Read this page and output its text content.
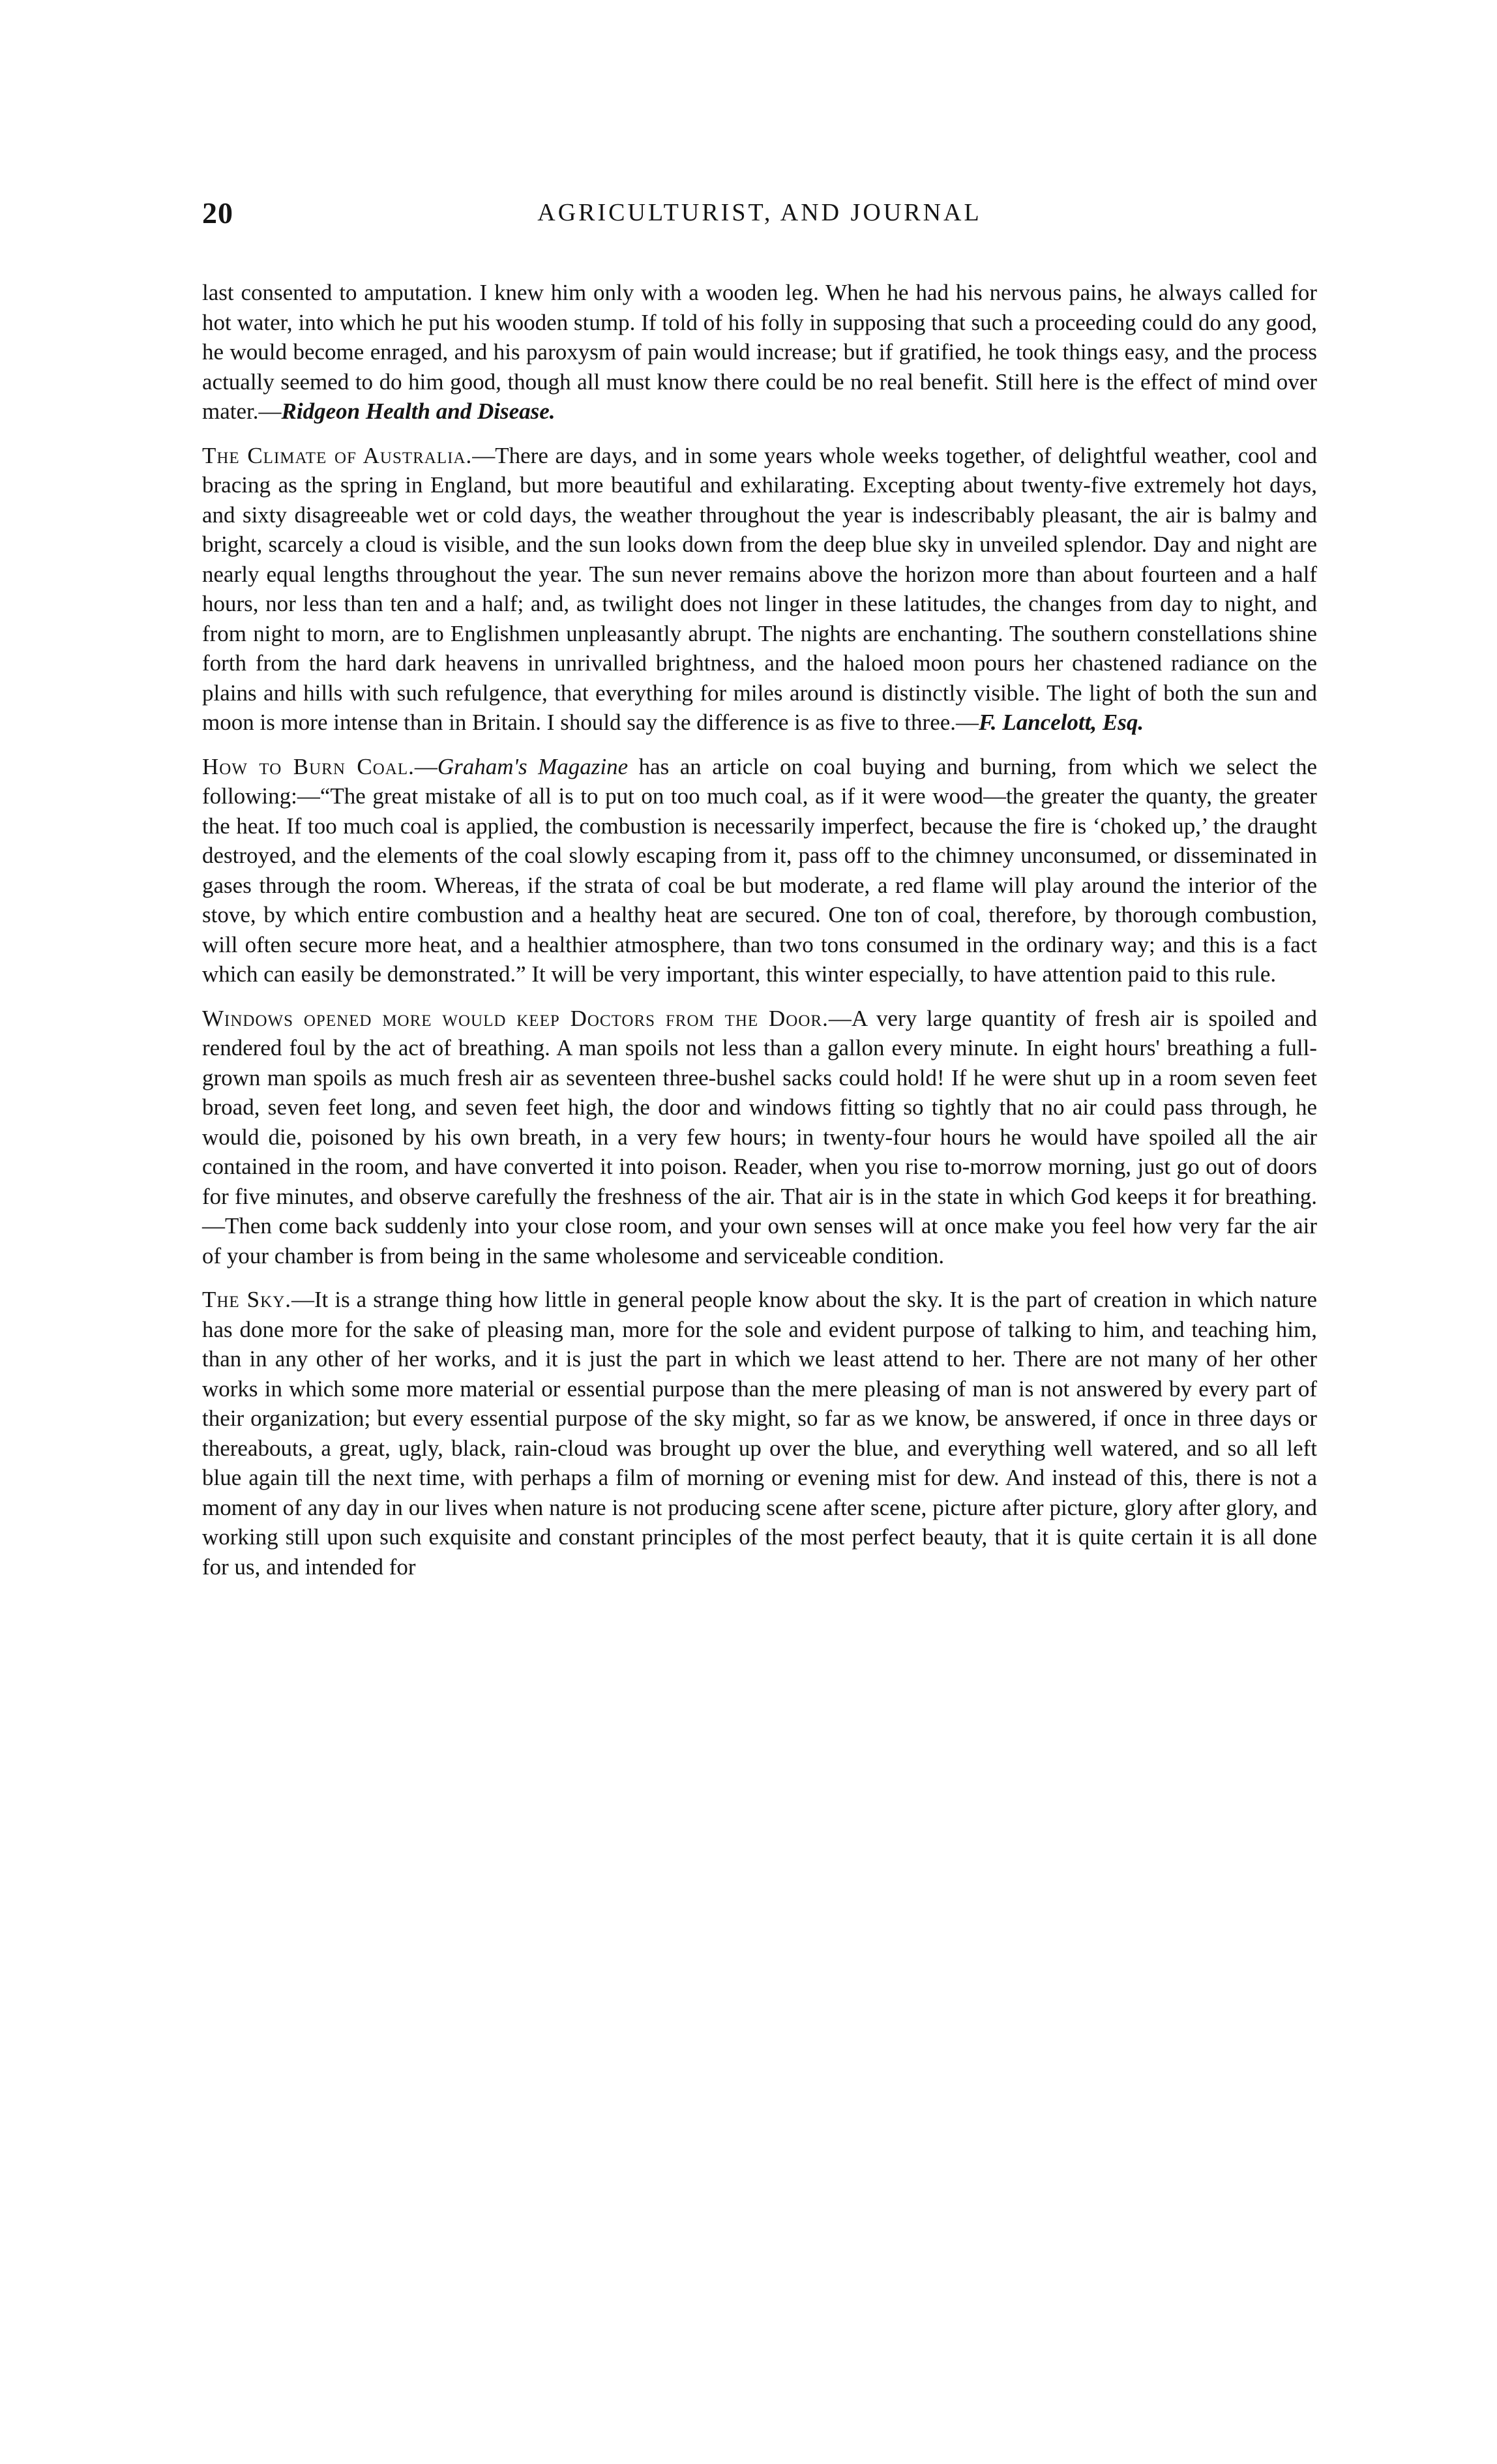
20	AGRICULTURIST, AND JOURNAL

last consented to amputation. I knew him only with a wooden leg. When he had his nervous pains, he always called for hot water, into which he put his wooden stump. If told of his folly in supposing that such a proceeding could do any good, he would become enraged, and his paroxysm of pain would increase; but if gratified, he took things easy, and the process actually seemed to do him good, though all must know there could be no real benefit. Still here is the effect of mind over mater.—Ridgeon Health and Disease.

The Climate of Australia.—There are days, and in some years whole weeks together, of delightful weather, cool and bracing as the spring in England, but more beautiful and exhilarating. Excepting about twenty-five extremely hot days, and sixty disagreeable wet or cold days, the weather throughout the year is indescribably pleasant, the air is balmy and bright, scarcely a cloud is visible, and the sun looks down from the deep blue sky in unveiled splendor. Day and night are nearly equal lengths throughout the year. The sun never remains above the horizon more than about fourteen and a half hours, nor less than ten and a half; and, as twilight does not linger in these latitudes, the changes from day to night, and from night to morn, are to Englishmen unpleasantly abrupt. The nights are enchanting. The southern constellations shine forth from the hard dark heavens in unrivalled brightness, and the haloed moon pours her chastened radiance on the plains and hills with such refulgence, that everything for miles around is distinctly visible. The light of both the sun and moon is more intense than in Britain. I should say the difference is as five to three.—F. Lancelott, Esq.

How to Burn Coal.—Graham's Magazine has an article on coal buying and burning, from which we select the following:—“The great mistake of all is to put on too much coal, as if it were wood—the greater the quanty, the greater the heat. If too much coal is applied, the combustion is necessarily imperfect, because the fire is ‘choked up,’ the draught destroyed, and the elements of the coal slowly escaping from it, pass off to the chimney unconsumed, or disseminated in gases through the room. Whereas, if the strata of coal be but moderate, a red flame will play around the interior of the stove, by which entire combustion and a healthy heat are secured. One ton of coal, therefore, by thorough combustion, will often secure more heat, and a healthier atmosphere, than two tons consumed in the ordinary way; and this is a fact which can easily be demonstrated.” It will be very important, this winter especially, to have attention paid to this rule.

Windows opened more would keep Doctors from the Door.—A very large quantity of fresh air is spoiled and rendered foul by the act of breathing. A man spoils not less than a gallon every minute. In eight hours' breathing a full-grown man spoils as much fresh air as seventeen three-bushel sacks could hold! If he were shut up in a room seven feet broad, seven feet long, and seven feet high, the door and windows fitting so tightly that no air could pass through, he would die, poisoned by his own breath, in a very few hours; in twenty-four hours he would have spoiled all the air contained in the room, and have converted it into poison. Reader, when you rise to-morrow morning, just go out of doors for five minutes, and observe carefully the freshness of the air. That air is in the state in which God keeps it for breathing.—Then come back suddenly into your close room, and your own senses will at once make you feel how very far the air of your chamber is from being in the same wholesome and serviceable condition.

The Sky.—It is a strange thing how little in general people know about the sky. It is the part of creation in which nature has done more for the sake of pleasing man, more for the sole and evident purpose of talking to him, and teaching him, than in any other of her works, and it is just the part in which we least attend to her. There are not many of her other works in which some more material or essential purpose than the mere pleasing of man is not answered by every part of their organization; but every essential purpose of the sky might, so far as we know, be answered, if once in three days or thereabouts, a great, ugly, black, rain-cloud was brought up over the blue, and everything well watered, and so all left blue again till the next time, with perhaps a film of morning or evening mist for dew. And instead of this, there is not a moment of any day in our lives when nature is not producing scene after scene, picture after picture, glory after glory, and working still upon such exquisite and constant principles of the most perfect beauty, that it is quite certain it is all done for us, and intended for
